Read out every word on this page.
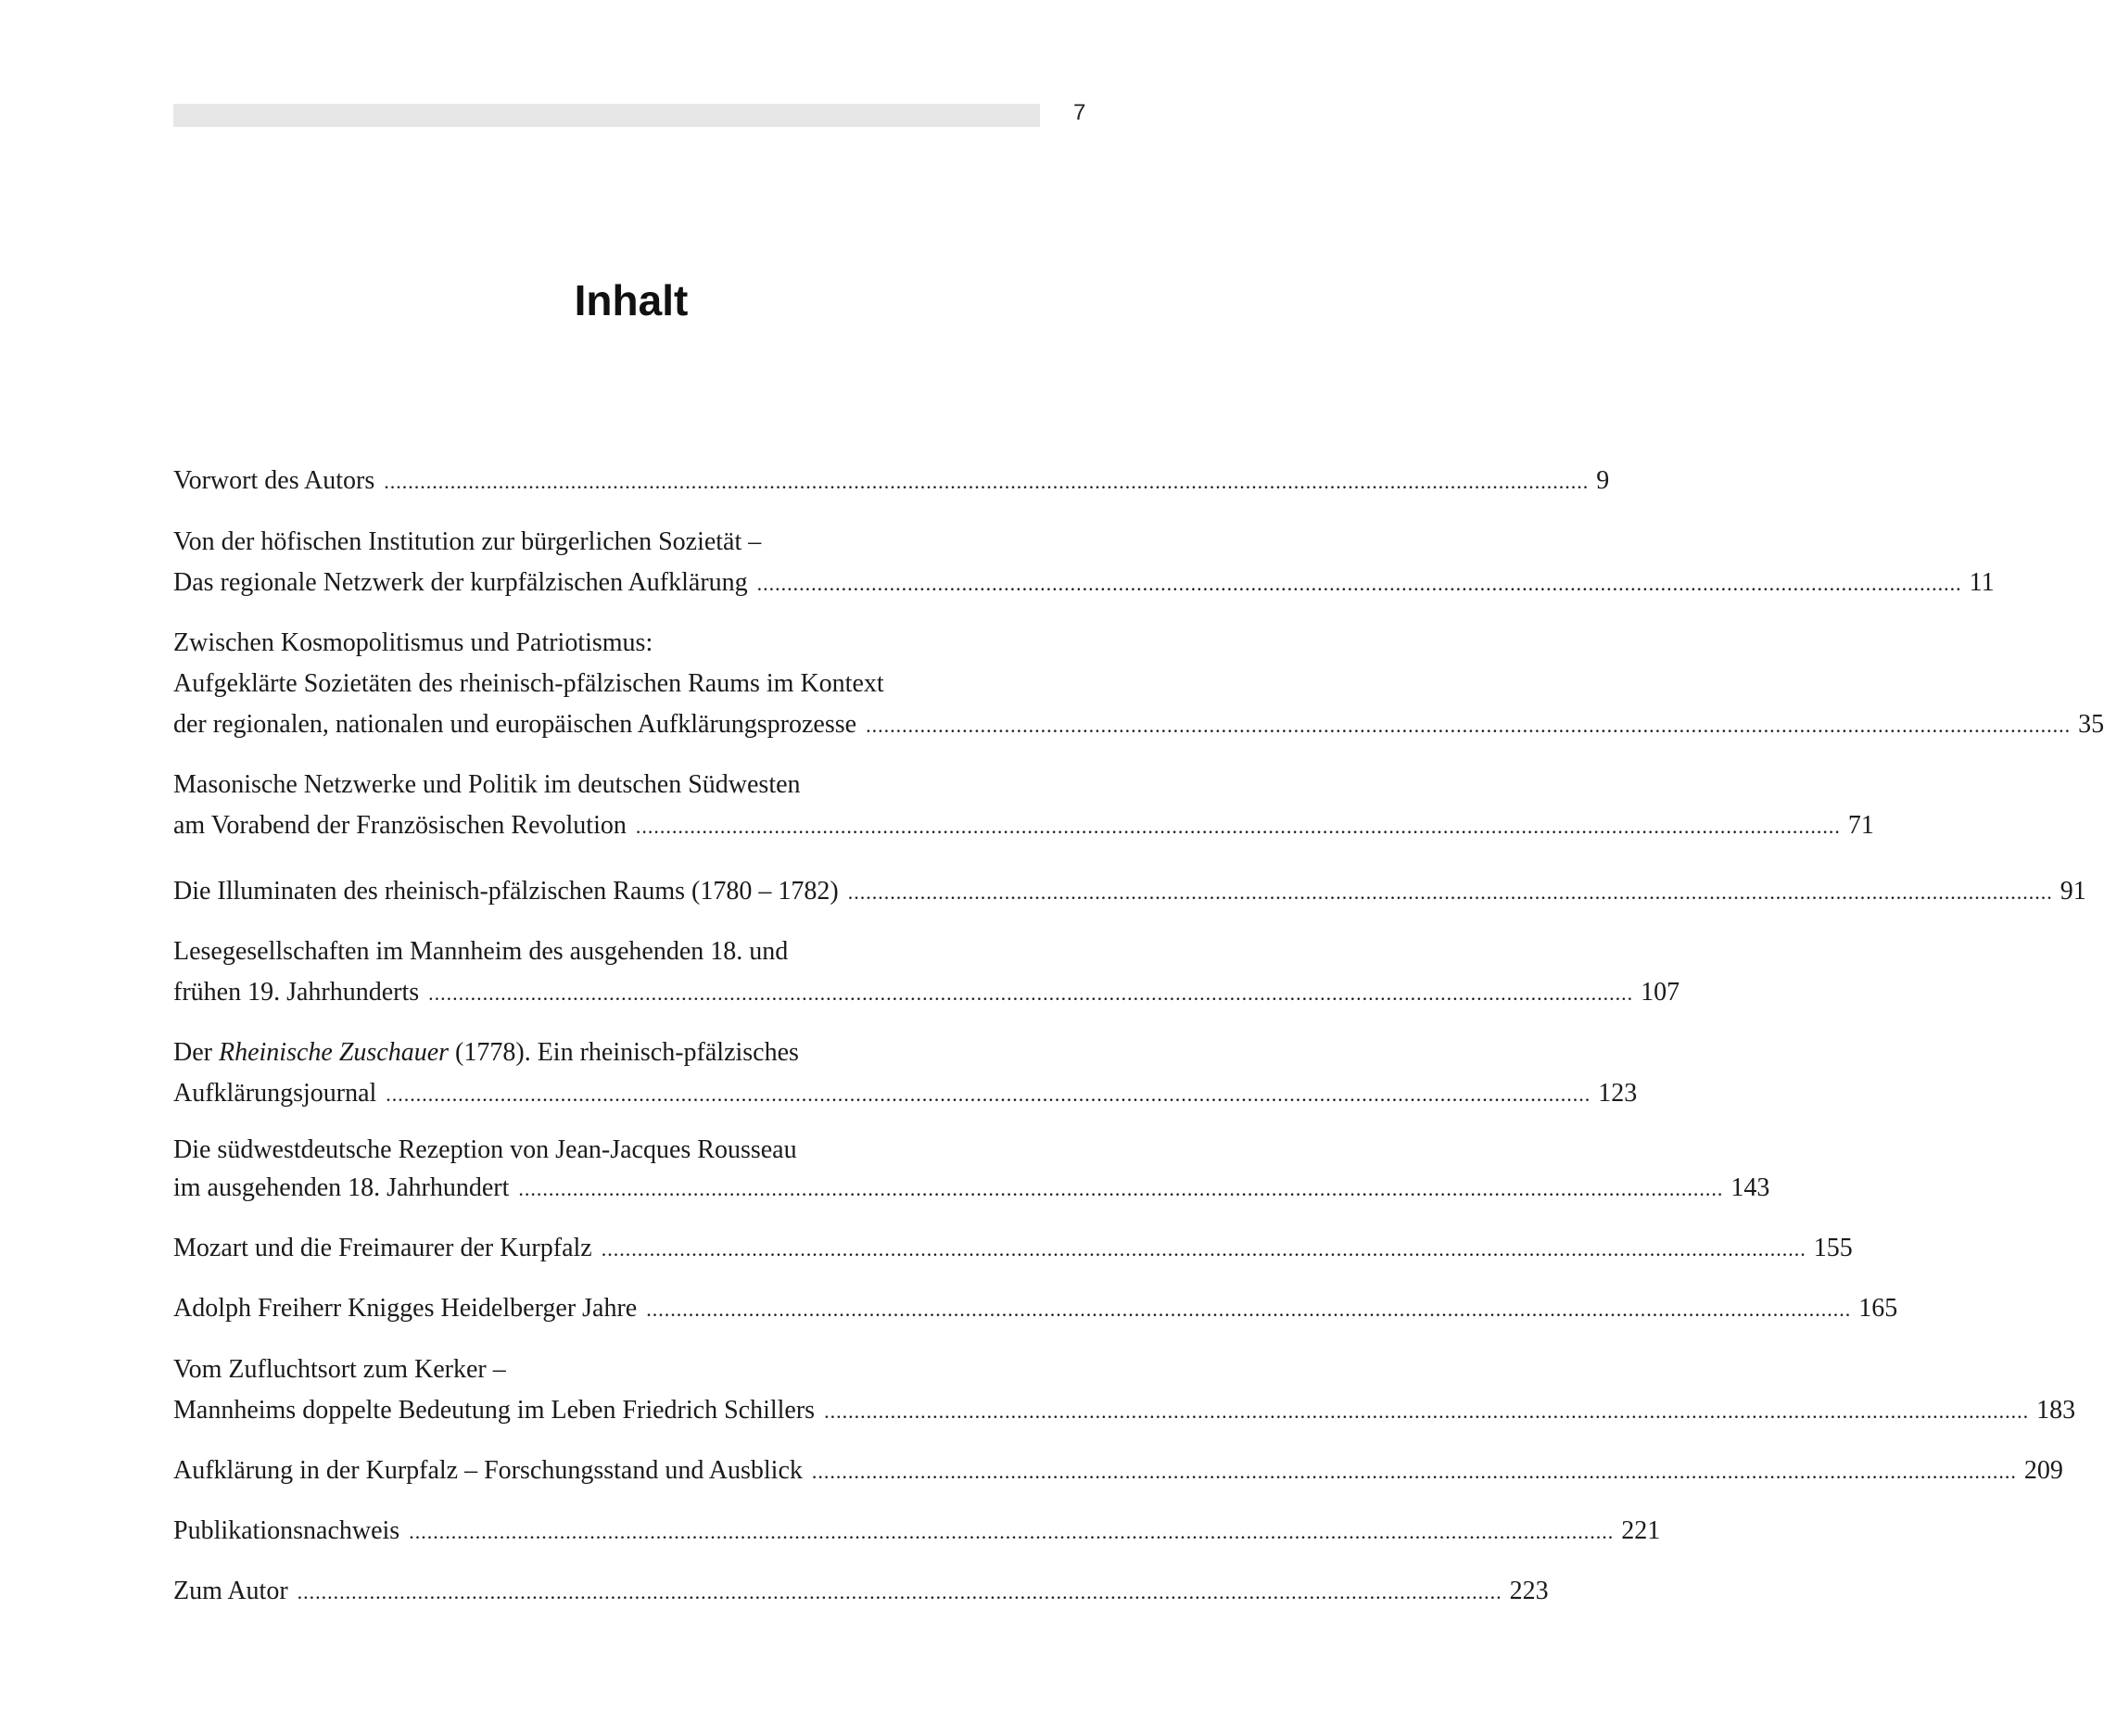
7
Inhalt
Vorwort des Autors ........................................................................................................................................................................................................ 9
Von der höfischen Institution zur bürgerlichen Sozietät –
Das regionale Netzwerk der kurpfälzischen Aufklärung ........................................................................................................................................................................................................ 11
Zwischen Kosmopolitismus und Patriotismus:
Aufgeklärte Sozietäten des rheinisch-pfälzischen Raums im Kontext
der regionalen, nationalen und europäischen Aufklärungsprozesse ........................................................................................................................................................................................................ 35
Masonische Netzwerke und Politik im deutschen Südwesten
am Vorabend der Französischen Revolution ........................................................................................................................................................................................................ 71
Die Illuminaten des rheinisch-pfälzischen Raums (1780 – 1782) ........................................................................................................................................................................................................ 91
Lesegesellschaften im Mannheim des ausgehenden 18. und
frühen 19. Jahrhunderts ........................................................................................................................................................................................................ 107
Der Rheinische Zuschauer (1778). Ein rheinisch-pfälzisches
Aufklärungsjournal ........................................................................................................................................................................................................ 123
Die südwestdeutsche Rezeption von Jean-Jacques Rousseau
im ausgehenden 18. Jahrhundert ........................................................................................................................................................................................................ 143
Mozart und die Freimaurer der Kurpfalz ........................................................................................................................................................................................................ 155
Adolph Freiherr Knigges Heidelberger Jahre ........................................................................................................................................................................................................ 165
Vom Zufluchtsort zum Kerker –
Mannheims doppelte Bedeutung im Leben Friedrich Schillers ........................................................................................................................................................................................................ 183
Aufklärung in der Kurpfalz – Forschungsstand und Ausblick ........................................................................................................................................................................................................ 209
Publikationsnachweis ........................................................................................................................................................................................................ 221
Zum Autor ........................................................................................................................................................................................................ 223
